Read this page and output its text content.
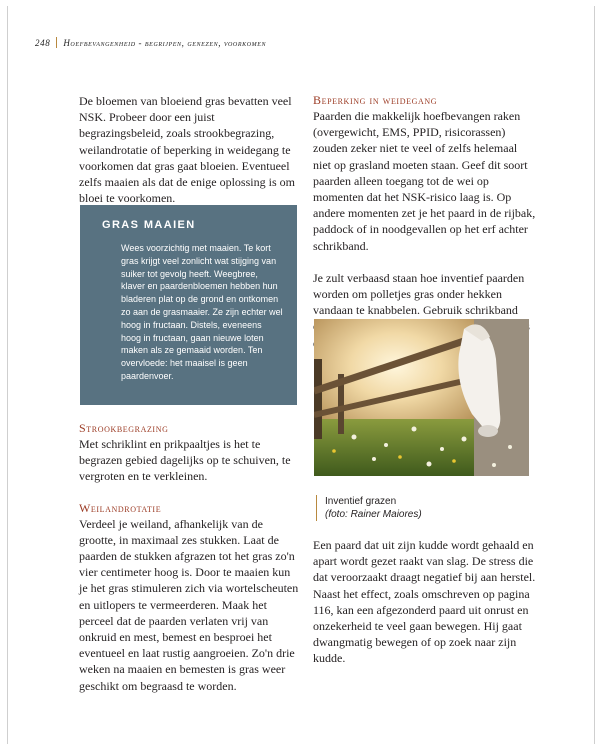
248 Hoefbevangenheid - begrijpen, genezen, voorkomen

De bloemen van bloeiend gras bevatten veel NSK. Probeer door een juist begrazingsbeleid, zoals strookbegrazing, weilandrotatie of beperking in weidegang te voorkomen dat gras gaat bloeien. Eventueel zelfs maaien als dat de enige oplossing is om bloei te voorkomen.

GRAS MAAIEN

Wees voorzichtig met maaien. Te kort gras krijgt veel zonlicht wat stijging van suiker tot gevolg heeft. Weegbree, klaver en paardenbloemen hebben hun bladeren plat op de grond en ontkomen zo aan de grasmaaier. Ze zijn echter wel hoog in fructaan. Distels, eveneens hoog in fructaan, gaan nieuwe loten maken als ze gemaaid worden. Ten overvloede: het maaisel is geen paardenvoer.

Strookbegrazing

Met schriklint en prikpaaltjes is het te begrazen gebied dagelijks op te schuiven, te vergroten en te verkleinen.

Weilandrotatie

Verdeel je weiland, afhankelijk van de grootte, in maximaal zes stukken. Laat de paarden de stukken afgrazen tot het gras zo'n vier centimeter hoog is. Door te maaien kun je het gras stimuleren zich via wortelscheuten en uitlopers te vermeerderen. Maak het perceel dat de paarden verlaten vrij van onkruid en mest, bemest en besproei het eventueel en laat rustig aangroeien. Zo'n drie weken na maaien en bemesten is gras weer geschikt om begraasd te worden.

Beperking in weidegang

Paarden die makkelijk hoefbevangen raken (overgewicht, EMS, PPID, risicorassen) zouden zeker niet te veel of zelfs helemaal niet op grasland moeten staan. Geef dit soort paarden alleen toegang tot de wei op momenten dat het NSK-risico laag is. Op andere momenten zet je het paard in de rijbak, paddock of in noodgevallen op het erf achter schrikband.

Je zult verbaasd staan hoe inventief paarden worden om polletjes gras onder hekken vandaan te knabbelen. Gebruik schrikband

Inventief grazen
(foto: Rainer Maiores)

Een paard dat uit zijn kudde wordt gehaald en apart wordt gezet raakt van slag. De stress die dat veroorzaakt draagt negatief bij aan herstel. Naast het effect, zoals omschreven op pagina 116, kan een afgezonderd paard uit onrust en onzekerheid te veel gaan bewegen. Hij gaat dwangmatig bewegen of op zoek naar zijn kudde.
